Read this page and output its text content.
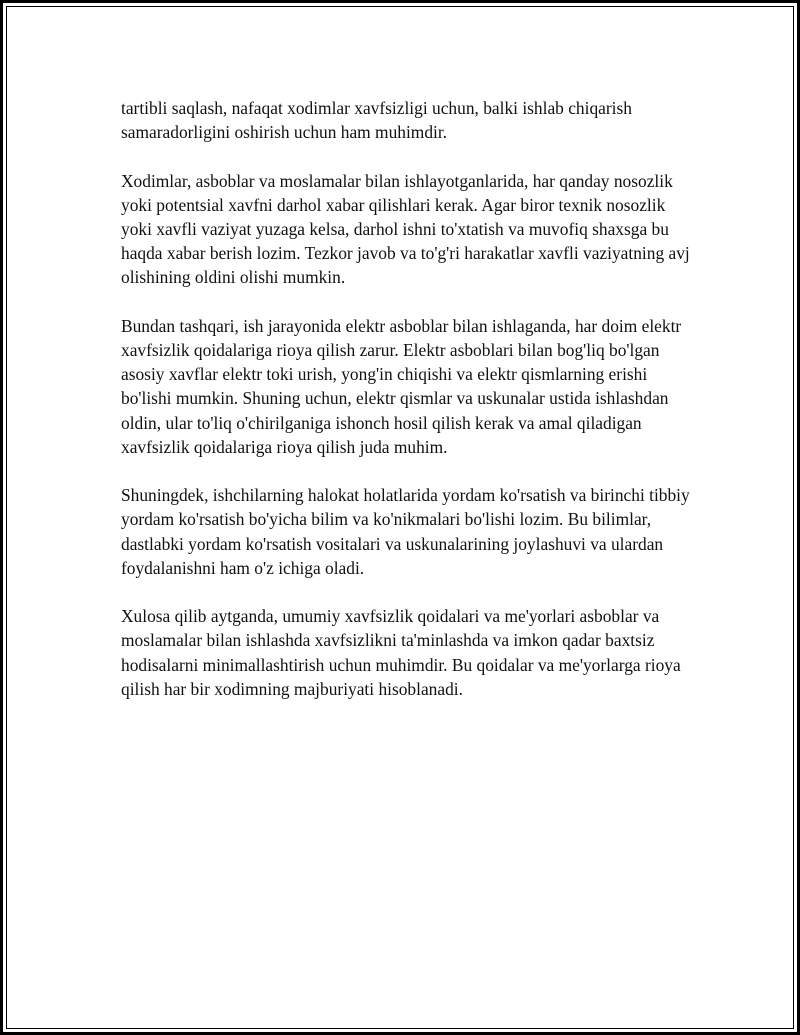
tartibli saqlash, nafaqat xodimlar xavfsizligi uchun, balki ishlab chiqarish samaradorligini oshirish uchun ham muhimdir.

Xodimlar, asboblar va moslamalar bilan ishlayotganlarida, har qanday nosozlik yoki potentsial xavfni darhol xabar qilishlari kerak. Agar biror texnik nosozlik yoki xavfli vaziyat yuzaga kelsa, darhol ishni to'xtatish va muvofiq shaxsga bu haqda xabar berish lozim. Tezkor javob va to'g'ri harakatlar xavfli vaziyatning avj olishining oldini olishi mumkin.

Bundan tashqari, ish jarayonida elektr asboblar bilan ishlaganda, har doim elektr xavfsizlik qoidalariga rioya qilish zarur. Elektr asboblari bilan bog'liq bo'lgan asosiy xavflar elektr toki urish, yong'in chiqishi va elektr qismlarning erishi bo'lishi mumkin. Shuning uchun, elektr qismlar va uskunalar ustida ishlashdan oldin, ular to'liq o'chirilganiga ishonch hosil qilish kerak va amal qiladigan xavfsizlik qoidalariga rioya qilish juda muhim.

Shuningdek, ishchilarning halokat holatlarida yordam ko'rsatish va birinchi tibbiy yordam ko'rsatish bo'yicha bilim va ko'nikmalari bo'lishi lozim. Bu bilimlar, dastlabki yordam ko'rsatish vositalari va uskunalarining joylashuvi va ulardan foydalanishni ham o'z ichiga oladi.

Xulosa qilib aytganda, umumiy xavfsizlik qoidalari va me'yorlari asboblar va moslamalar bilan ishlashda xavfsizlikni ta'minlashda va imkon qadar baxtsiz hodisalarni minimallashtirish uchun muhimdir. Bu qoidalar va me'yorlarga rioya qilish har bir xodimning majburiyati hisoblanadi.
